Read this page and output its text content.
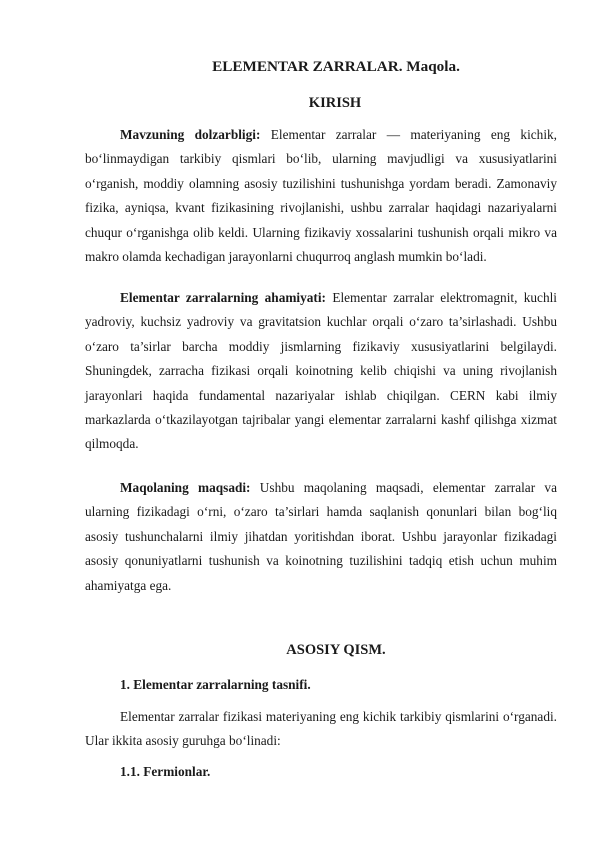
ELEMENTAR ZARRALAR. Maqola.
KIRISH

Mavzuning dolzarbligi: Elementar zarralar — materiyaning eng kichik, bo‘linmaydigan tarkibiy qismlari bo‘lib, ularning mavjudligi va xususiyatlarini o‘rganish, moddiy olamning asosiy tuzilishini tushunishga yordam beradi. Zamonaviy fizika, ayniqsa, kvant fizikasining rivojlanishi, ushbu zarralar haqidagi nazariyalarni chuqur o‘rganishga olib keldi. Ularning fizikaviy xossalarini tushunish orqali mikro va makro olamda kechadigan jarayonlarni chuqurroq anglash mumkin bo‘ladi.

Elementar zarralarning ahamiyati: Elementar zarralar elektromagnit, kuchli yadroviy, kuchsiz yadroviy va gravitatsion kuchlar orqali o‘zaro ta’sirlashadi. Ushbu o‘zaro ta’sirlar barcha moddiy jismlarning fizikaviy xususiyatlarini belgilaydi. Shuningdek, zarracha fizikasi orqali koinotning kelib chiqishi va uning rivojlanish jarayonlari haqida fundamental nazariyalar ishlab chiqilgan. CERN kabi ilmiy markazlarda o‘tkazilayotgan tajribalar yangi elementar zarralarni kashf qilishga xizmat qilmoqda.

Maqolaning maqsadi: Ushbu maqolaning maqsadi, elementar zarralar va ularning fizikadagi o‘rni, o‘zaro ta’sirlari hamda saqlanish qonunlari bilan bog‘liq asosiy tushunchalarni ilmiy jihatdan yoritishdan iborat. Ushbu jarayonlar fizikadagi asosiy qonuniyatlarni tushunish va koinotning tuzilishini tadqiq etish uchun muhim ahamiyatga ega.

ASOSIY QISM.
1. Elementar zarralarning tasnifi.

Elementar zarralar fizikasi materiyaning eng kichik tarkibiy qismlarini o‘rganadi. Ular ikkita asosiy guruhga bo‘linadi:

1.1. Fermionlar.
